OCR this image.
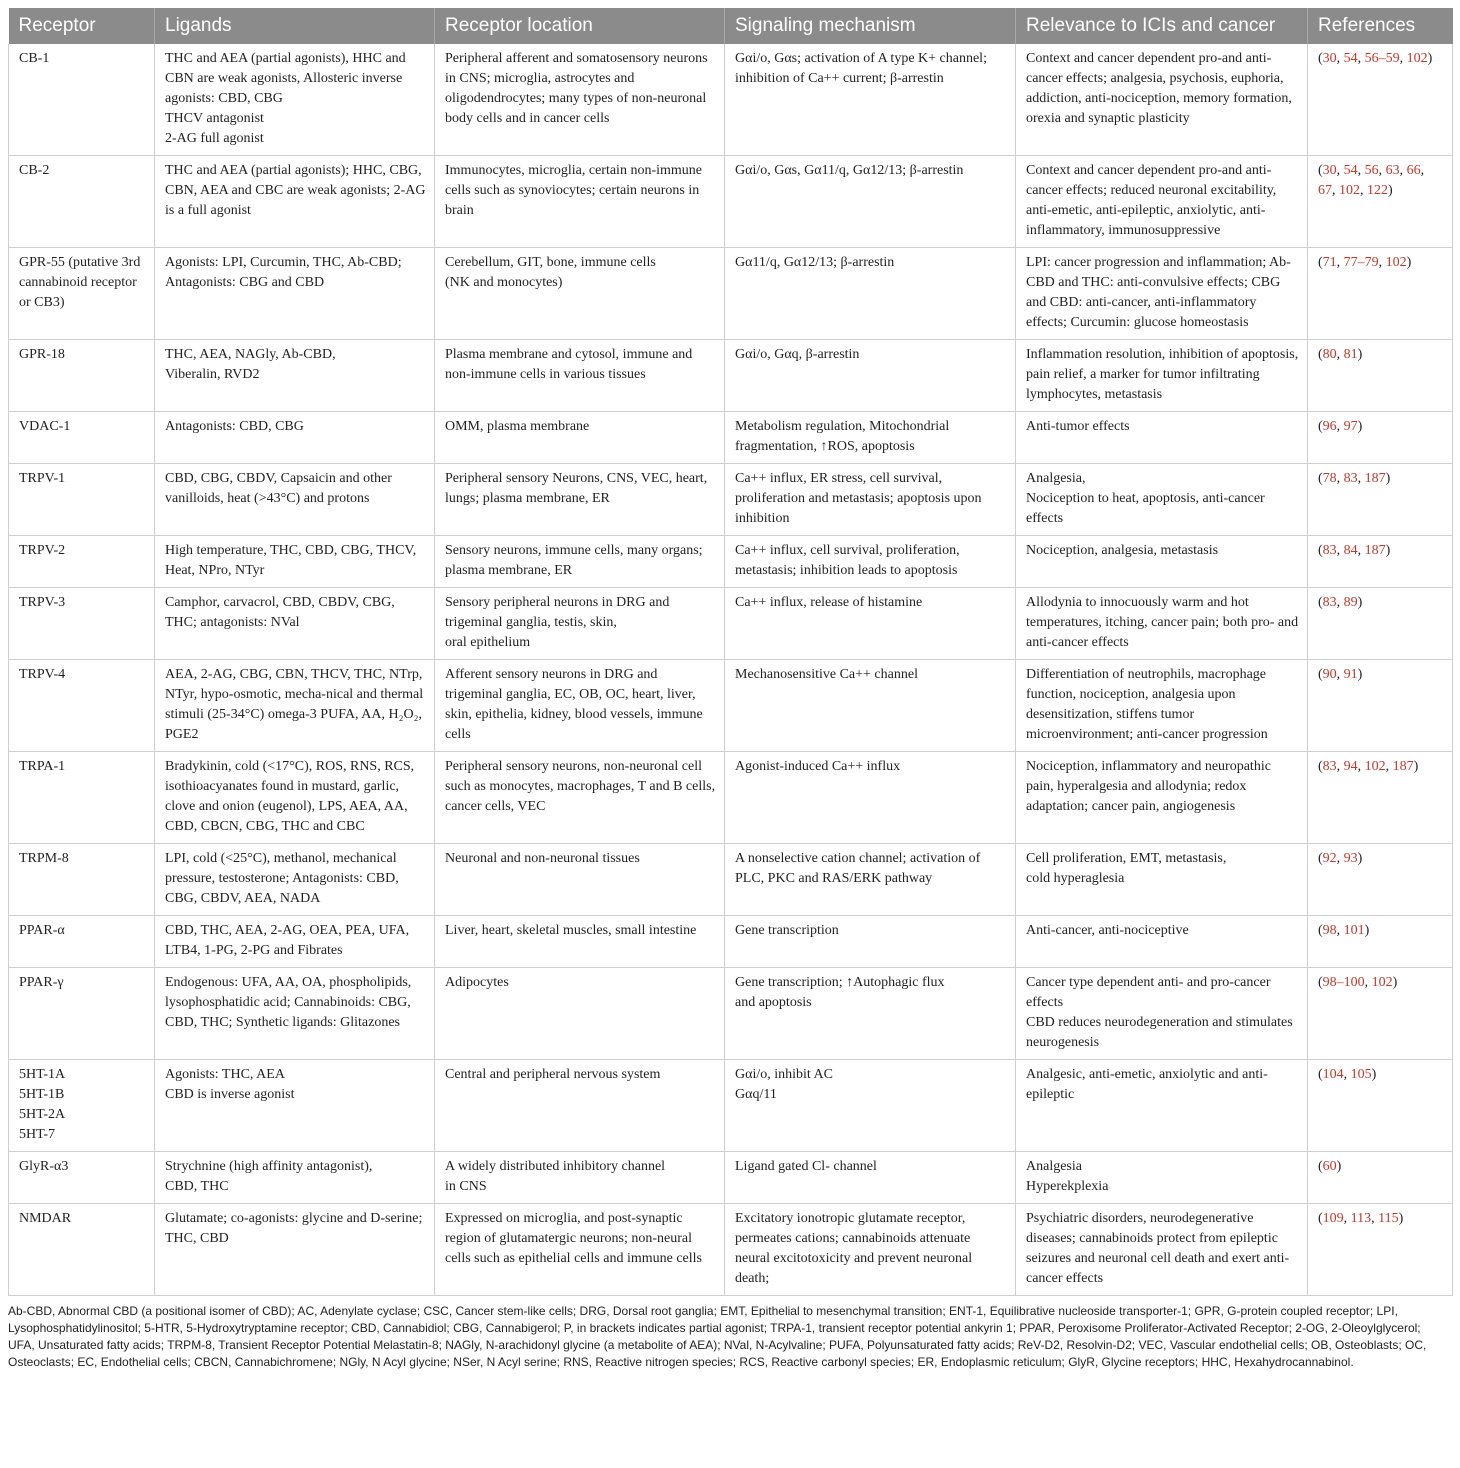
Receptor	Ligands	Receptor location	Signaling mechanism	Relevance to ICIs and cancer	References

CB-1	THC and AEA (partial agonists), HHC and CBN are weak agonists, Allosteric inverse agonists: CBD, CBG
THCV antagonist
2-AG full agonist	Peripheral afferent and somatosensory neurons in CNS; microglia, astrocytes and oligodendrocytes; many types of non-neuronal body cells and in cancer cells	Gαi/o, Gαs; activation of A type K+ channel; inhibition of Ca++ current; β-arrestin	Context and cancer dependent pro-and anti-cancer effects; analgesia, psychosis, euphoria, addiction, anti-nociception, memory formation, orexia and synaptic plasticity	(30, 54, 56–59, 102)

CB-2	THC and AEA (partial agonists); HHC, CBG, CBN, AEA and CBC are weak agonists; 2-AG is a full agonist	Immunocytes, microglia, certain non-immune cells such as synoviocytes; certain neurons in brain	Gαi/o, Gαs, Gα11/q, Gα12/13; β-arrestin	Context and cancer dependent pro-and anti-cancer effects; reduced neuronal excitability, anti-emetic, anti-epileptic, anxiolytic, anti-inflammatory, immunosuppressive	(30, 54, 56, 63, 66, 67, 102, 122)

GPR-55 (putative 3rd cannabinoid receptor or CB3)	Agonists: LPI, Curcumin, THC, Ab-CBD; Antagonists: CBG and CBD	Cerebellum, GIT, bone, immune cells
(NK and monocytes)	Gα11/q, Gα12/13; β-arrestin	LPI: cancer progression and inflammation; Ab-CBD and THC: anti-convulsive effects; CBG and CBD: anti-cancer, anti-inflammatory effects; Curcumin: glucose homeostasis	(71, 77–79, 102)

GPR-18	THC, AEA, NAGly, Ab-CBD,
Viberalin, RVD2	Plasma membrane and cytosol, immune and non-immune cells in various tissues	Gαi/o, Gαq, β-arrestin	Inflammation resolution, inhibition of apoptosis, pain relief, a marker for tumor infiltrating lymphocytes, metastasis	(80, 81)

VDAC-1	Antagonists: CBD, CBG	OMM, plasma membrane	Metabolism regulation, Mitochondrial fragmentation, ↑ROS, apoptosis	Anti-tumor effects	(96, 97)

TRPV-1	CBD, CBG, CBDV, Capsaicin and other vanilloids, heat (>43°C) and protons	Peripheral sensory Neurons, CNS, VEC, heart, lungs; plasma membrane, ER	Ca++ influx, ER stress, cell survival, proliferation and metastasis; apoptosis upon inhibition	Analgesia,
Nociception to heat, apoptosis, anti-cancer effects	(78, 83, 187)

TRPV-2	High temperature, THC, CBD, CBG, THCV, Heat, NPro, NTyr	Sensory neurons, immune cells, many organs; plasma membrane, ER	Ca++ influx, cell survival, proliferation, metastasis; inhibition leads to apoptosis	Nociception, analgesia, metastasis	(83, 84, 187)

TRPV-3	Camphor, carvacrol, CBD, CBDV, CBG, THC; antagonists: NVal	Sensory peripheral neurons in DRG and trigeminal ganglia, testis, skin,
oral epithelium	Ca++ influx, release of histamine	Allodynia to innocuously warm and hot temperatures, itching, cancer pain; both pro- and anti-cancer effects	(83, 89)

TRPV-4	AEA, 2-AG, CBG, CBN, THCV, THC, NTrp, NTyr, hypo-osmotic, mecha-nical and thermal stimuli (25-34°C) omega-3 PUFA, AA, H₂O₂, PGE2	Afferent sensory neurons in DRG and trigeminal ganglia, EC, OB, OC, heart, liver, skin, epithelia, kidney, blood vessels, immune cells	Mechanosensitive Ca++ channel	Differentiation of neutrophils, macrophage function, nociception, analgesia upon desensitization, stiffens tumor microenvironment; anti-cancer progression	(90, 91)

TRPA-1	Bradykinin, cold (<17°C), ROS, RNS, RCS, isothioacyanates found in mustard, garlic, clove and onion (eugenol), LPS, AEA, AA, CBD, CBCN, CBG, THC and CBC	Peripheral sensory neurons, non-neuronal cell such as monocytes, macrophages, T and B cells, cancer cells, VEC	Agonist-induced Ca++ influx	Nociception, inflammatory and neuropathic pain, hyperalgesia and allodynia; redox adaptation; cancer pain, angiogenesis	(83, 94, 102, 187)

TRPM-8	LPI, cold (<25°C), methanol, mechanical pressure, testosterone; Antagonists: CBD, CBG, CBDV, AEA, NADA	Neuronal and non-neuronal tissues	A nonselective cation channel; activation of PLC, PKC and RAS/ERK pathway	Cell proliferation, EMT, metastasis,
cold hyperaglesia	(92, 93)

PPAR-α	CBD, THC, AEA, 2-AG, OEA, PEA, UFA, LTB4, 1-PG, 2-PG and Fibrates	Liver, heart, skeletal muscles, small intestine	Gene transcription	Anti-cancer, anti-nociceptive	(98, 101)

PPAR-γ	Endogenous: UFA, AA, OA, phospholipids, lysophosphatidic acid; Cannabinoids: CBG, CBD, THC; Synthetic ligands: Glitazones	Adipocytes	Gene transcription; ↑Autophagic flux
and apoptosis	Cancer type dependent anti- and pro-cancer effects
CBD reduces neurodegeneration and stimulates neurogenesis	(98–100, 102)

5HT-1A
5HT-1B
5HT-2A
5HT-7	Agonists: THC, AEA
CBD is inverse agonist	Central and peripheral nervous system	Gαi/o, inhibit AC
Gαq/11	Analgesic, anti-emetic, anxiolytic and anti-epileptic	(104, 105)

GlyR-α3	Strychnine (high affinity antagonist),
CBD, THC	A widely distributed inhibitory channel
in CNS	Ligand gated Cl- channel	Analgesia
Hyperekplexia	(60)

NMDAR	Glutamate; co-agonists: glycine and D-serine; THC, CBD	Expressed on microglia, and post-synaptic region of glutamatergic neurons; non-neural cells such as epithelial cells and immune cells	Excitatory ionotropic glutamate receptor, permeates cations; cannabinoids attenuate neural excitotoxicity and prevent neuronal death;	Psychiatric disorders, neurodegenerative diseases; cannabinoids protect from epileptic seizures and neuronal cell death and exert anti-cancer effects	(109, 113, 115)
Ab-CBD, Abnormal CBD (a positional isomer of CBD); AC, Adenylate cyclase; CSC, Cancer stem-like cells; DRG, Dorsal root ganglia; EMT, Epithelial to mesenchymal transition; ENT-1, Equilibrative nucleoside transporter-1; GPR, G-protein coupled receptor; LPI, Lysophosphatidylinositol; 5-HTR, 5-Hydroxytryptamine receptor; CBD, Cannabidiol; CBG, Cannabigerol; P, in brackets indicates partial agonist; TRPA-1, transient receptor potential ankyrin 1; PPAR, Peroxisome Proliferator-Activated Receptor; 2-OG, 2-Oleoylglycerol; UFA, Unsaturated fatty acids; TRPM-8, Transient Receptor Potential Melastatin-8; NAGly, N-arachidonyl glycine (a metabolite of AEA); NVal, N-Acylvaline; PUFA, Polyunsaturated fatty acids; ReV-D2, Resolvin-D2; VEC, Vascular endothelial cells; OB, Osteoblasts; OC, Osteoclasts; EC, Endothelial cells; CBCN, Cannabichromene; NGly, N Acyl glycine; NSer, N Acyl serine; RNS, Reactive nitrogen species; RCS, Reactive carbonyl species; ER, Endoplasmic reticulum; GlyR, Glycine receptors; HHC, Hexahydrocannabinol.
